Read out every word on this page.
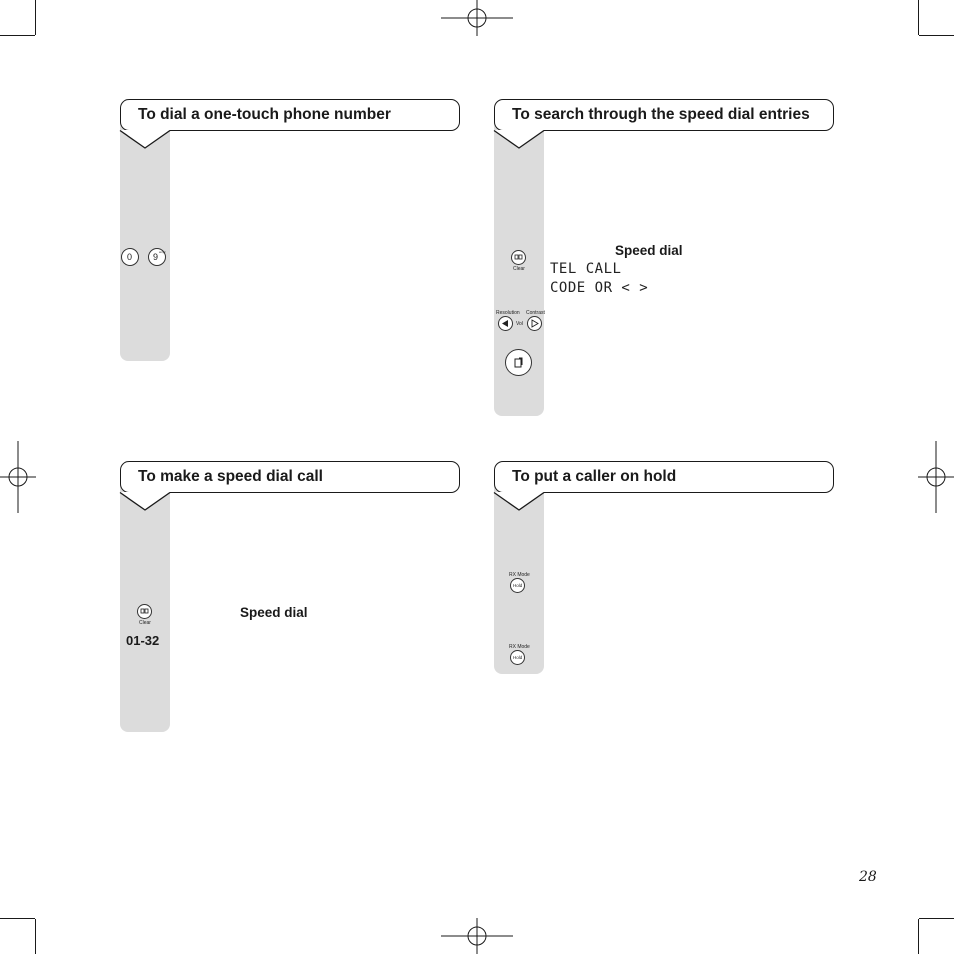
To dial a one-touch phone number
0 9 wxyz
To search through the speed dial entries
Clear
Speed dial
TEL CALL
CODE OR < >
Resolution Contrast
Vol
To make a speed dial call
Clear
Speed dial
01-32
To put a caller on hold
RX Mode
Hold
RX Mode
Hold
28
